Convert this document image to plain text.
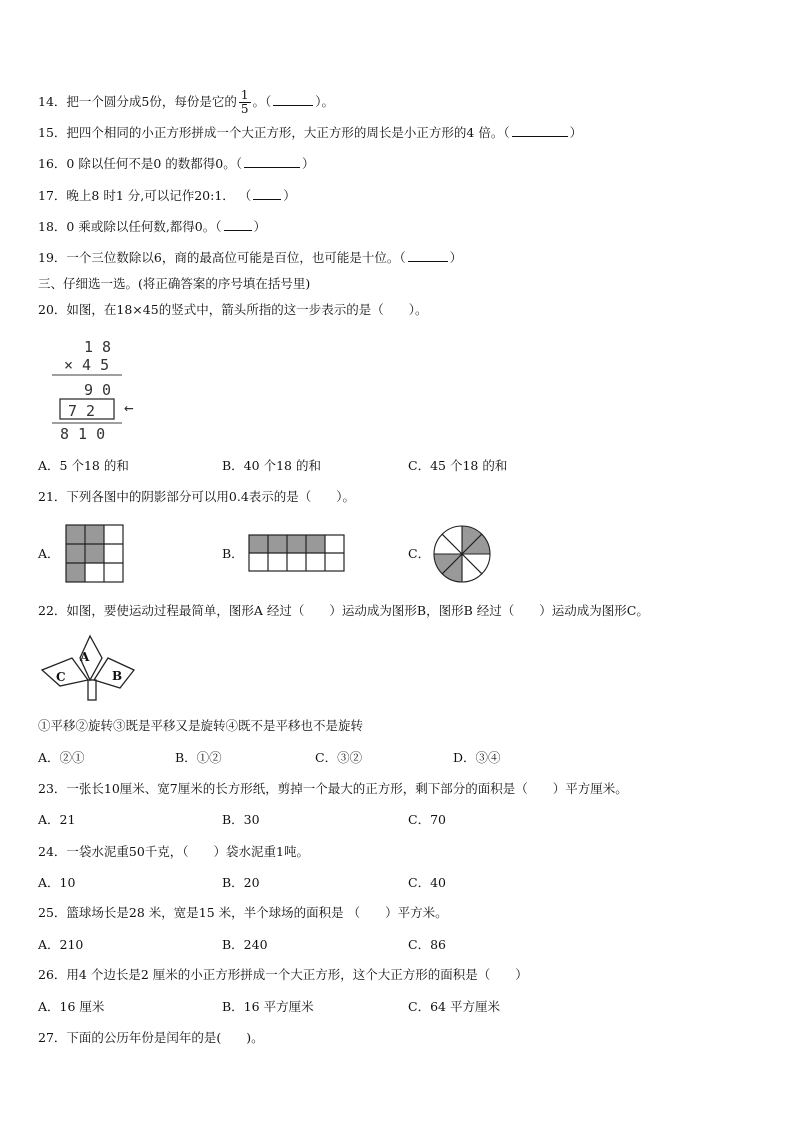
14．把一个圆分成5份，每份是它的 $\frac{1}{5}$ 。（	）。
15．把四个相同的小正方形拼成一个大正方形，大正方形的周长是小正方形的4 倍。（	）
16．0 除以任何不是0 的数都得0。（	）
17．晚上8 时1 分,可以记作20:1． （	）
18．0 乘或除以任何数,都得0。（	）
19．一个三位数除以6，商的最高位可能是百位，也可能是十位。（	）
三、仔细选一选。(将正确答案的序号填在括号里)
20．如图，在18×45的竖式中，箭头所指的这一步表示的是（　　）。
1 8
× 4 5
9 0
7 2
8 1 0
←
A．5 个18 的和	B．40 个18 的和	C．45 个18 的和
21．下列各图中的阴影部分可以用0.4表示的是（　　）。
A．	B．	C．
22．如图，要使运动过程最简单，图形A 经过（　　）运动成为图形B，图形B 经过（　　）运动成为图形C。
A
B
C
①平移②旋转③既是平移又是旋转④既不是平移也不是旋转
A．②①	B．①②	C．③②	D．③④
23．一张长10厘米、宽7厘米的长方形纸，剪掉一个最大的正方形，剩下部分的面积是（　　）平方厘米。
A．21	B．30	C．70
24．一袋水泥重50千克，（　　）袋水泥重1吨。
A．10	B．20	C．40
25．篮球场长是28 米，宽是15 米，半个球场的面积是 （　　）平方米。
A．210	B．240	C．86
26．用4 个边长是2 厘米的小正方形拼成一个大正方形，这个大正方形的面积是（　　）
A．16 厘米	B．16 平方厘米	C．64 平方厘米
27．下面的公历年份是闰年的是(　　)。
